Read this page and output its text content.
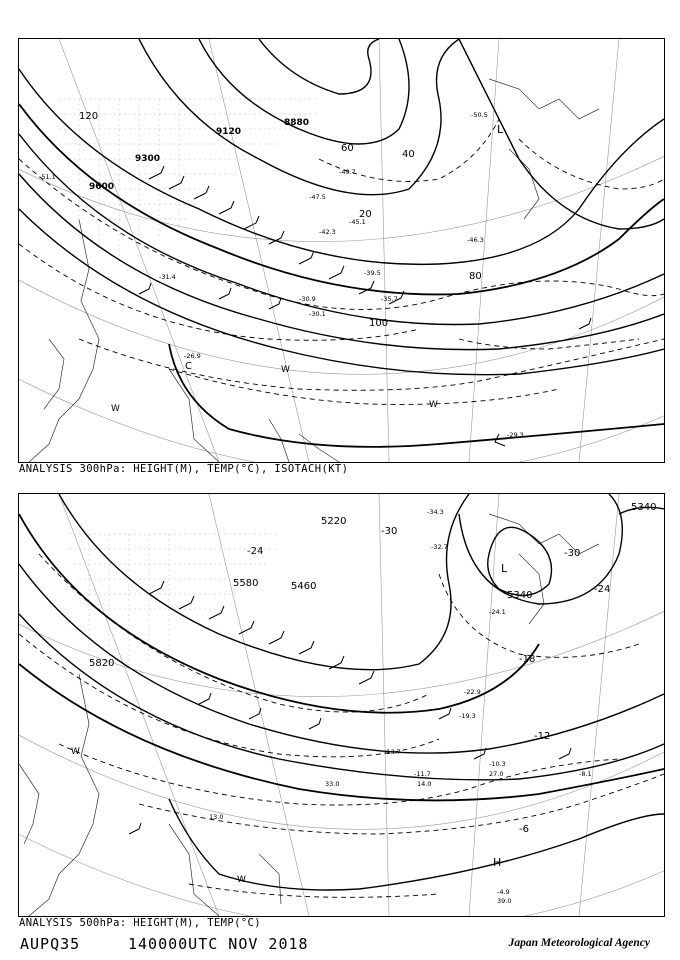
8880
9120
9300
9600
20
40
60
80
100
120
-47.5
-49.7
-45.1
-42.3
-39.5
-35.7
-31.4
-30.9
-30.1
-29.3
-26.9
-51.1
-50.5
-46.3
L
C
W
W
W
ANALYSIS 300hPa: HEIGHT(M), TEMP(°C), ISOTACH(KT)
5340
5460
5580
5820
5220
5340
-30
-24
-18
-12
-6
-30
-24
-34.3
-32.7
-24.1
-22.9
-19.3
-13.7
-11.7
-10.3
-8.1
-4.9
33.0
27.0
14.0
13.0
39.0
L
H
W
W
ANALYSIS 500hPa: HEIGHT(M), TEMP(°C)
AUPQ35	140000UTC NOV 2018	Japan Meteorological Agency
